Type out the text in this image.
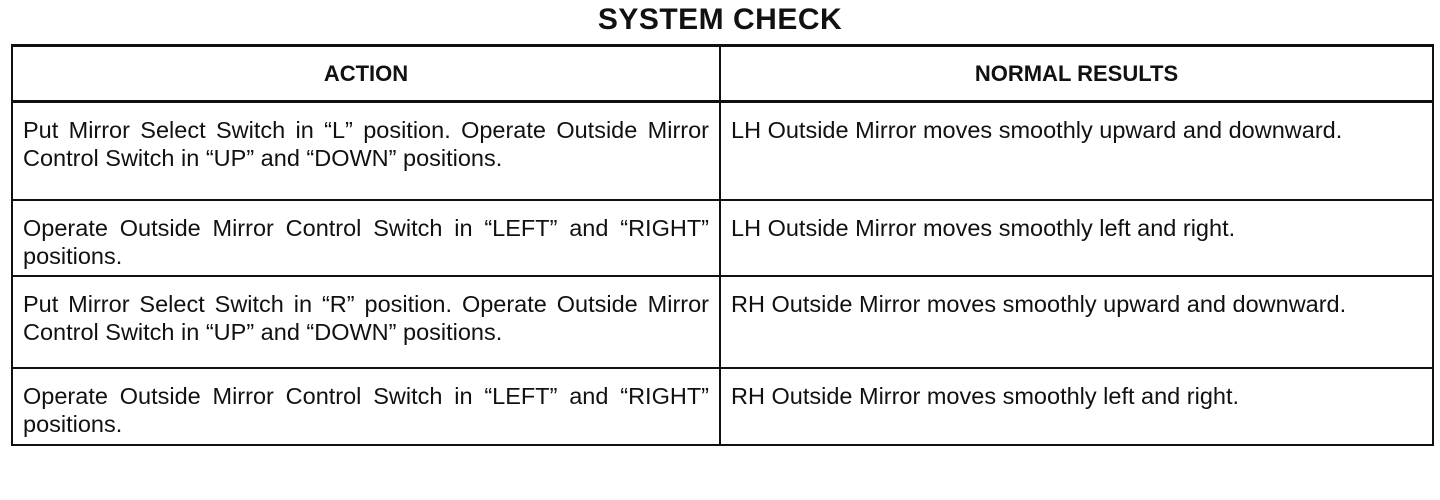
SYSTEM CHECK
ACTION	NORMAL RESULTS
Put Mirror Select Switch in “L” position. Operate Outside Mirror Control Switch in “UP” and “DOWN” positions.	LH Outside Mirror moves smoothly upward and downward.
Operate Outside Mirror Control Switch in “LEFT” and “RIGHT” positions.	LH Outside Mirror moves smoothly left and right.
Put Mirror Select Switch in “R” position. Operate Outside Mirror Control Switch in “UP” and “DOWN” positions.	RH Outside Mirror moves smoothly upward and downward.
Operate Outside Mirror Control Switch in “LEFT” and “RIGHT” positions.	RH Outside Mirror moves smoothly left and right.
